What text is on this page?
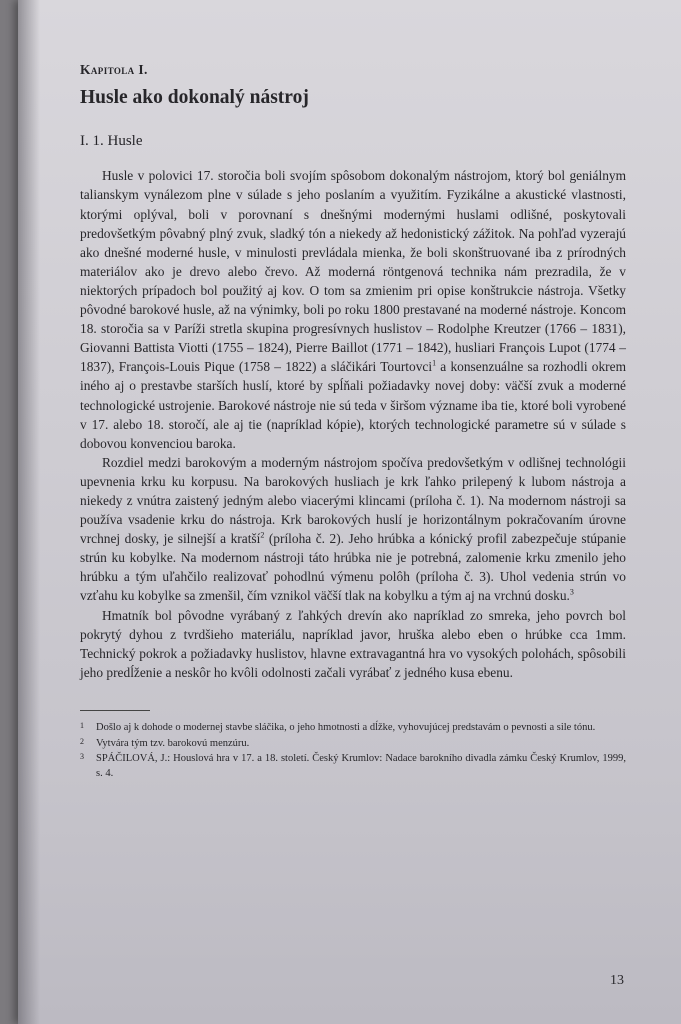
Kapitola I.
Husle ako dokonalý nástroj
I. 1. Husle

Husle v polovici 17. storočia boli svojím spôsobom dokonalým nástrojom, ktorý bol geniálnym talianskym vynálezom plne v súlade s jeho poslaním a využitím. Fyzikálne a akustické vlastnosti, ktorými oplýval, boli v porovnaní s dnešnými modernými huslami odlišné, poskytovali predovšetkým pôvabný plný zvuk, sladký tón a niekedy až hedonistický zážitok. Na pohľad vyzerajú ako dnešné moderné husle, v minulosti prevládala mienka, že boli skonštruované iba z prírodných materiálov ako je drevo alebo črevo. Až moderná röntgenová technika nám prezradila, že v niektorých prípadoch bol použitý aj kov. O tom sa zmienim pri opise konštrukcie nástroja. Všetky pôvodné barokové husle, až na výnimky, boli po roku 1800 prestavané na moderné nástroje. Koncom 18. storočia sa v Paríži stretla skupina progresívnych huslistov – Rodolphe Kreutzer (1766 – 1831), Giovanni Battista Viotti (1755 – 1824), Pierre Baillot (1771 – 1842), husliari François Lupot (1774 – 1837), François-Louis Pique (1758 – 1822) a sláčikári Tourtovci$^1$ a konsenzuálne sa rozhodli okrem iného aj o prestavbe starších huslí, ktoré by spĺňali požiadavky novej doby: väčší zvuk a moderné technologické ustrojenie. Barokové nástroje nie sú teda v širšom význame iba tie, ktoré boli vyrobené v 17. alebo 18. storočí, ale aj tie (napríklad kópie), ktorých technologické parametre sú v súlade s dobovou konvenciou baroka.

Rozdiel medzi barokovým a moderným nástrojom spočíva predovšetkým v odlišnej technológii upevnenia krku ku korpusu. Na barokových husliach je krk ľahko prilepený k lubom nástroja a niekedy z vnútra zaistený jedným alebo viacerými klincami (príloha č. 1). Na modernom nástroji sa používa vsadenie krku do nástroja. Krk barokových huslí je horizontálnym pokračovaním úrovne vrchnej dosky, je silnejší a kratší$^2$ (príloha č. 2). Jeho hrúbka a kónický profil zabezpečuje stúpanie strún ku kobylke. Na modernom nástroji táto hrúbka nie je potrebná, zalomenie krku zmenilo jeho hrúbku a tým uľahčilo realizovať pohodlnú výmenu polôh (príloha č. 3). Uhol vedenia strún vo vzťahu ku kobylke sa zmenšil, čím vznikol väčší tlak na kobylku a tým aj na vrchnú dosku.$^3$

Hmatník bol pôvodne vyrábaný z ľahkých drevín ako napríklad zo smreka, jeho povrch bol pokrytý dyhou z tvrdšieho materiálu, napríklad javor, hruška alebo eben o hrúbke cca 1mm. Technický pokrok a požiadavky huslistov, hlavne extravagantná hra vo vysokých polohách, spôsobili jeho predĺženie a neskôr ho kvôli odolnosti začali vyrábať z jedného kusa ebenu.

1 Došlo aj k dohode o modernej stavbe sláčika, o jeho hmotnosti a dĺžke, vyhovujúcej predstavám o pevnosti a sile tónu.
2 Vytvára tým tzv. barokovú menzúru.
3 SPÁČILOVÁ, J.: Houslová hra v 17. a 18. století. Český Krumlov: Nadace barokního divadla zámku Český Krumlov, 1999, s. 4.
13
